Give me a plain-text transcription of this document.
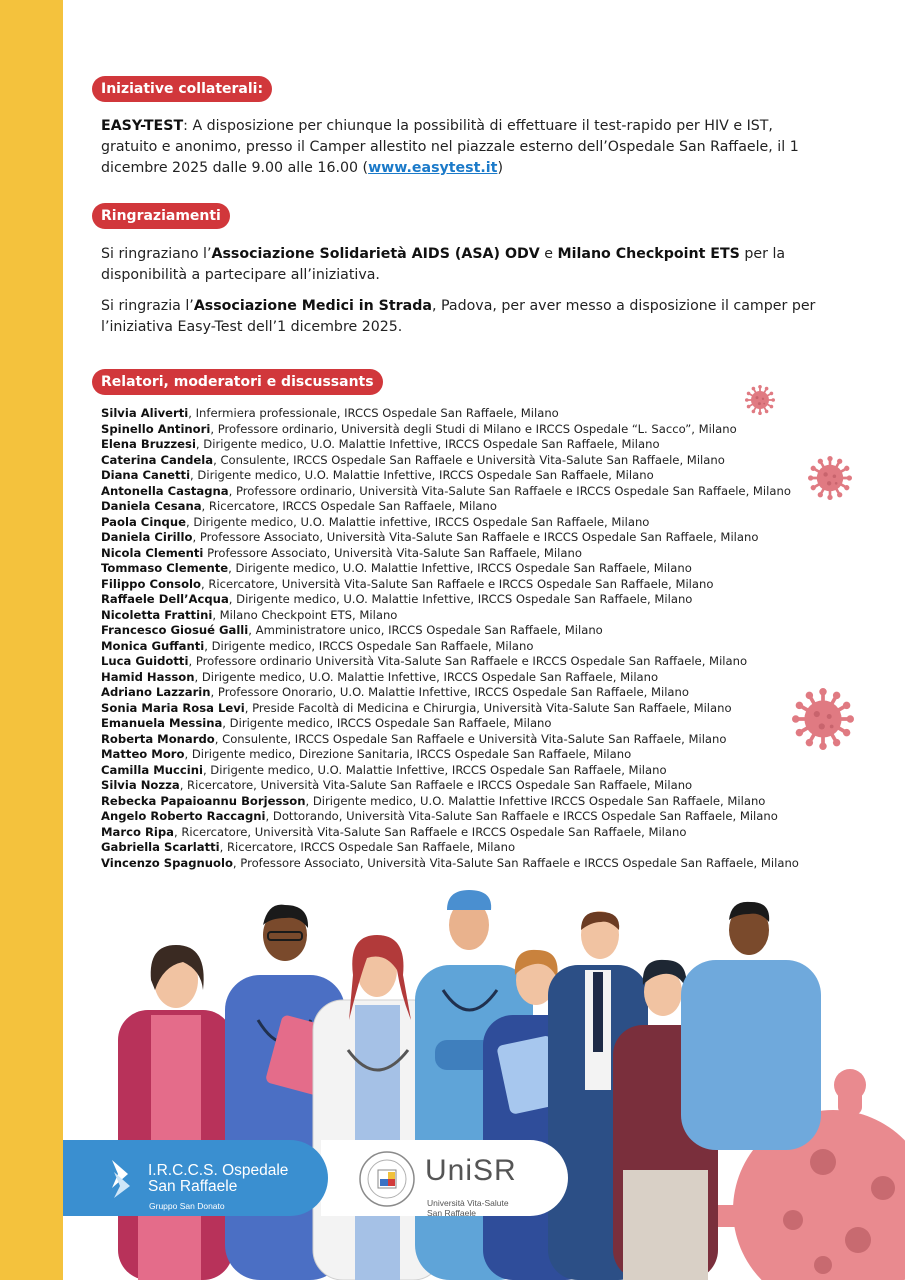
Iniziative collaterali:
EASY-TEST: A disposizione per chiunque la possibilità di effettuare il test-rapido per HIV e IST, gratuito e anonimo, presso il Camper allestito nel piazzale esterno dell’Ospedale San Raffaele, il 1 dicembre 2025 dalle 9.00 alle 16.00 (www.easytest.it)
Ringraziamenti
Si ringraziano l’Associazione Solidarietà AIDS (ASA) ODV e Milano Checkpoint ETS per la disponibilità a partecipare all’iniziativa.
Si ringrazia l’Associazione Medici in Strada, Padova, per aver messo a disposizione il camper per l’iniziativa Easy-Test dell’1 dicembre 2025.
Relatori, moderatori e discussants
Silvia Aliverti, Infermiera professionale, IRCCS Ospedale San Raffaele, Milano
Spinello Antinori, Professore ordinario, Università degli Studi di Milano e IRCCS Ospedale “L. Sacco”, Milano
Elena Bruzzesi, Dirigente medico, U.O. Malattie Infettive, IRCCS Ospedale San Raffaele, Milano
Caterina Candela, Consulente, IRCCS Ospedale San Raffaele e Università Vita-Salute San Raffaele, Milano
Diana Canetti, Dirigente medico, U.O. Malattie Infettive, IRCCS Ospedale San Raffaele, Milano
Antonella Castagna, Professore ordinario, Università Vita-Salute San Raffaele e IRCCS Ospedale San Raffaele, Milano
Daniela Cesana, Ricercatore, IRCCS Ospedale San Raffaele, Milano
Paola Cinque, Dirigente medico, U.O. Malattie infettive, IRCCS Ospedale San Raffaele, Milano
Daniela Cirillo, Professore Associato, Università Vita-Salute San Raffaele e IRCCS Ospedale San Raffaele, Milano
Nicola Clementi Professore Associato, Università Vita-Salute San Raffaele, Milano
Tommaso Clemente, Dirigente medico, U.O. Malattie Infettive, IRCCS Ospedale San Raffaele, Milano
Filippo Consolo, Ricercatore, Università Vita-Salute San Raffaele e IRCCS Ospedale San Raffaele, Milano
Raffaele Dell’Acqua, Dirigente medico, U.O. Malattie Infettive, IRCCS Ospedale San Raffaele, Milano
Nicoletta Frattini, Milano Checkpoint ETS, Milano
Francesco Giosué Galli, Amministratore unico, IRCCS Ospedale San Raffaele, Milano
Monica Guffanti, Dirigente medico, IRCCS Ospedale San Raffaele, Milano
Luca Guidotti, Professore ordinario Università Vita-Salute San Raffaele e IRCCS Ospedale San Raffaele, Milano
Hamid Hasson, Dirigente medico, U.O. Malattie Infettive, IRCCS Ospedale San Raffaele, Milano
Adriano Lazzarin, Professore Onorario, U.O. Malattie Infettive, IRCCS Ospedale San Raffaele, Milano
Sonia Maria Rosa Levi, Preside Facoltà di Medicina e Chirurgia, Università Vita-Salute San Raffaele, Milano
Emanuela Messina, Dirigente medico, IRCCS Ospedale San Raffaele, Milano
Roberta Monardo, Consulente, IRCCS Ospedale San Raffaele e Università Vita-Salute San Raffaele, Milano
Matteo Moro, Dirigente medico, Direzione Sanitaria, IRCCS Ospedale San Raffaele, Milano
Camilla Muccini, Dirigente medico, U.O. Malattie Infettive, IRCCS Ospedale San Raffaele, Milano
Silvia Nozza, Ricercatore, Università Vita-Salute San Raffaele e IRCCS Ospedale San Raffaele, Milano
Rebecka Papaioannu Borjesson, Dirigente medico, U.O. Malattie Infettive IRCCS Ospedale San Raffaele, Milano
Angelo Roberto Raccagni, Dottorando, Università Vita-Salute San Raffaele e IRCCS Ospedale San Raffaele, Milano
Marco Ripa, Ricercatore, Università Vita-Salute San Raffaele e IRCCS Ospedale San Raffaele, Milano
Gabriella Scarlatti, Ricercatore, IRCCS Ospedale San Raffaele, Milano
Vincenzo Spagnuolo, Professore Associato, Università Vita-Salute San Raffaele e IRCCS Ospedale San Raffaele, Milano
I.R.C.C.S. Ospedale
San Raffaele
Gruppo San Donato
UniSR
Università Vita-Salute
San Raffaele
